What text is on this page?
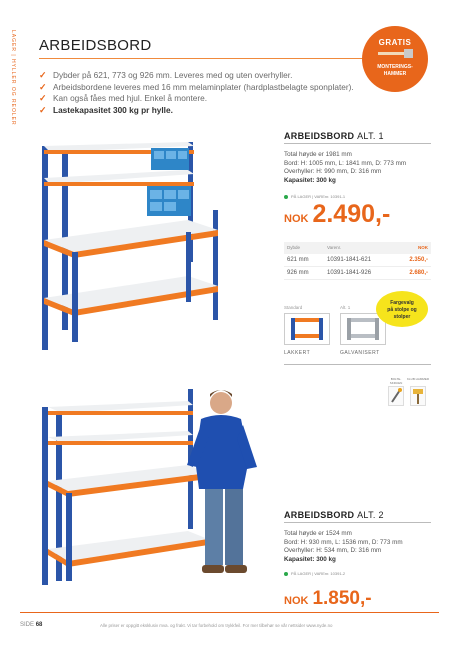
LAGER | HYLLER OG REOLER ARBEIDSBORD	GRATIS
MONTERINGS-
HAMMER
✓ Dybder på 621, 773 og 926 mm. Leveres med og uten overhyller.
✓ Arbeidsbordene leveres med 16 mm melaminplater (hardplastbelagte sponplater).
✓ Kan også fåes med hjul. Enkel å montere.
✓ Lastekapasitet 300 kg pr hylle.
ARBEIDSBORD ALT. 1
Total høyde er 1981 mm
Bord: H: 1005 mm, L: 1841 mm, D: 773 mm
Overhyller: H: 990 mm, D: 316 mm
Kapasitet: 300 kg
PÅ LAGER | VAREnr. 10391-1
NOK 2.490,-
Dybde	Varenr.	NOK
621 mm	10391-1841-621	2.350,-
926 mm	10391-1841-926	2.680,-
Standard	Alt. 1
LAKKERT	GALVANISERT
Fargevalg
på stolpe og
stolper
BOLTE- SKRUEN
KLUB HAMMER
ARBEIDSBORD ALT. 2
Total høyde er 1524 mm
Bord: H: 930 mm, L: 1536 mm, D: 773 mm
Overhyller: H: 534 mm, D: 316 mm
Kapasitet: 300 kg
PÅ LAGER | VAREnr. 10391-2
NOK 1.850,-
SIDE 68	Alle priser er oppgitt eksklusiv mva. og frakt. Vi tar forbehold om trykkfeil. For mer tilbehør se vår nettsider www.nyde.no
